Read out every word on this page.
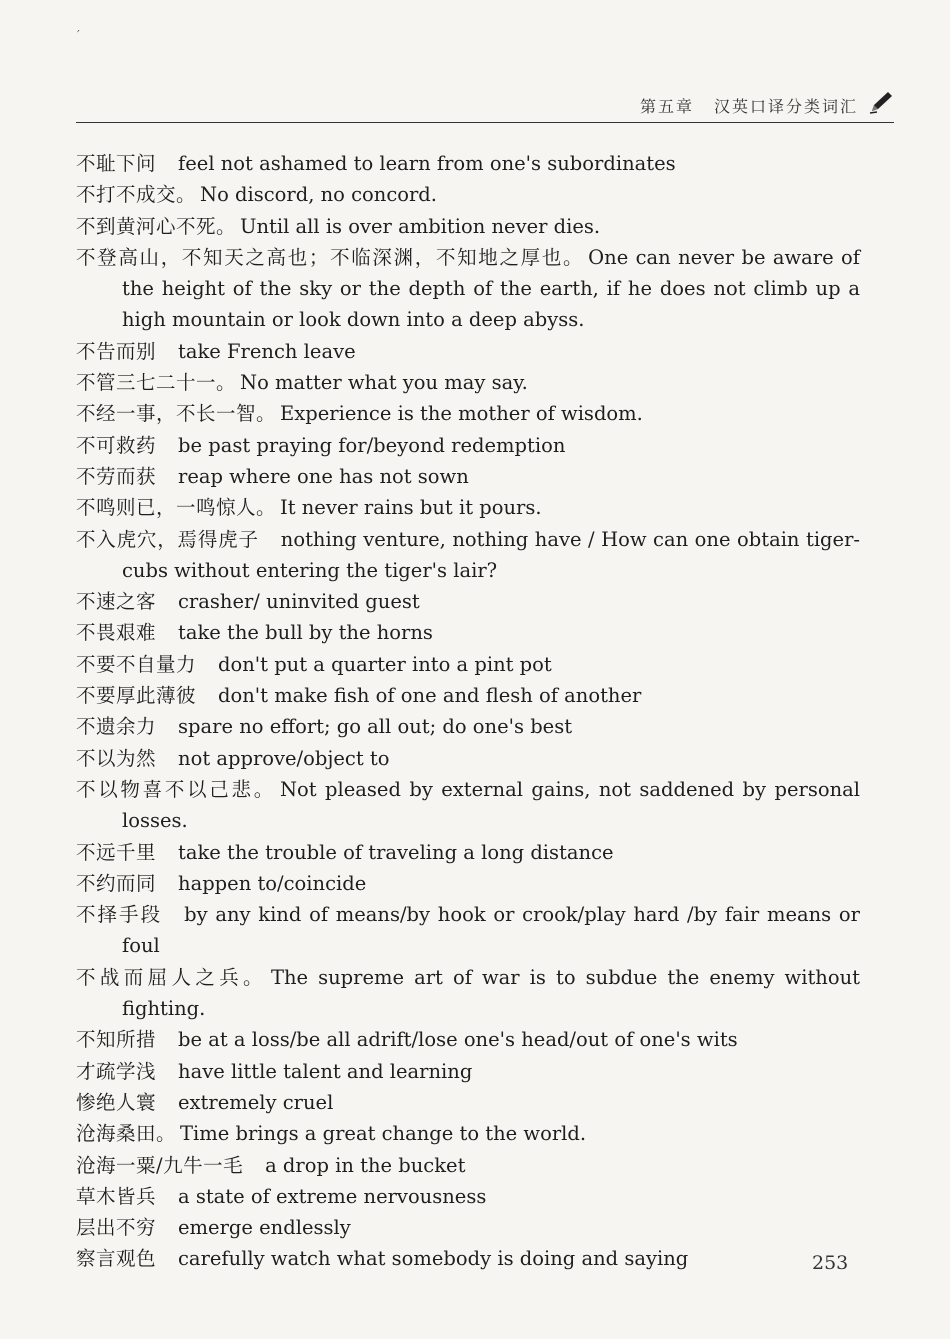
′
第五章 汉英口译分类词汇
不耻下问 feel not ashamed to learn from one's subordinates
不打不成交。 No discord, no concord.
不到黄河心不死。 Until all is over ambition never dies.
不登高山，不知天之高也；不临深渊，不知地之厚也。 One can never be aware of the height of the sky or the depth of the earth, if he does not climb up a high mountain or look down into a deep abyss.
不告而别 take French leave
不管三七二十一。 No matter what you may say.
不经一事，不长一智。 Experience is the mother of wisdom.
不可救药 be past praying for/beyond redemption
不劳而获 reap where one has not sown
不鸣则已，一鸣惊人。 It never rains but it pours.
不入虎穴，焉得虎子 nothing venture, nothing have / How can one obtain tiger-cubs without entering the tiger's lair?
不速之客 crasher/ uninvited guest
不畏艰难 take the bull by the horns
不要不自量力 don't put a quarter into a pint pot
不要厚此薄彼 don't make fish of one and flesh of another
不遗余力 spare no effort; go all out; do one's best
不以为然 not approve/object to
不以物喜不以己悲。 Not pleased by external gains, not saddened by personal losses.
不远千里 take the trouble of traveling a long distance
不约而同 happen to/coincide
不择手段 by any kind of means/by hook or crook/play hard /by fair means or foul
不战而屈人之兵。 The supreme art of war is to subdue the enemy without fighting.
不知所措 be at a loss/be all adrift/lose one's head/out of one's wits
才疏学浅 have little talent and learning
惨绝人寰 extremely cruel
沧海桑田。 Time brings a great change to the world.
沧海一粟/九牛一毛 a drop in the bucket
草木皆兵 a state of extreme nervousness
层出不穷 emerge endlessly
察言观色 carefully watch what somebody is doing and saying	253
